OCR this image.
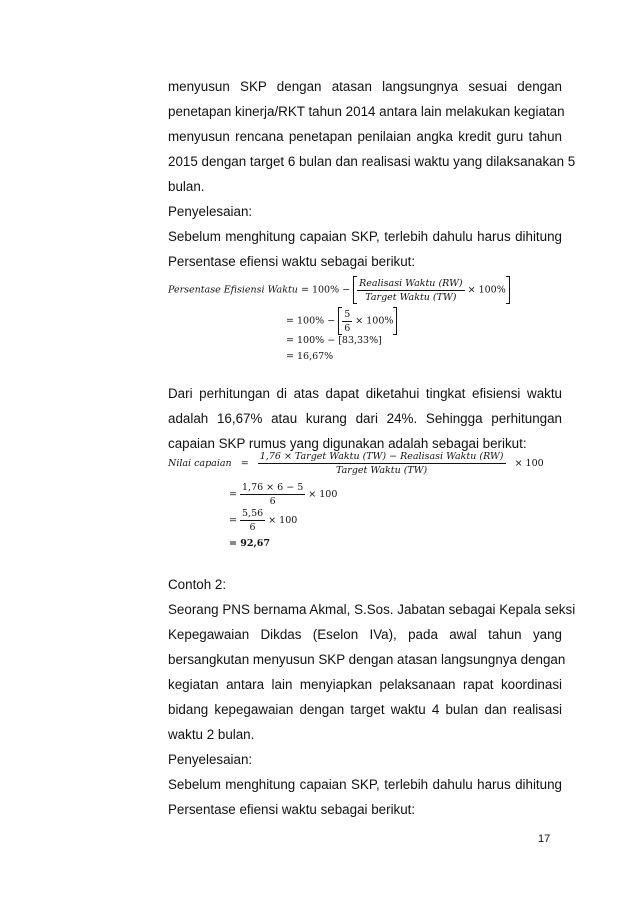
menyusun SKP dengan atasan langsungnya sesuai dengan
penetapan kinerja/RKT tahun 2014 antara lain melakukan kegiatan
menyusun rencana penetapan penilaian angka kredit guru tahun
2015 dengan target 6 bulan dan realisasi waktu yang dilaksanakan 5
bulan.
Penyelesaian:
Sebelum menghitung capaian SKP, terlebih dahulu harus dihitung
Persentase efiensi waktu sebagai berikut:
Persentase Efisiensi Waktu = $100\% - \frac{\text{Realisasi Waktu (RW)}}{\text{Target Waktu (TW)}} \times 100\%$
= $100\% - \frac{5}{6} \times 100\%$
= 100% − [83,33%]
= 16,67%
Dari perhitungan di atas dapat diketahui tingkat efisiensi waktu
adalah 16,67% atau kurang dari 24%. Sehingga perhitungan
capaian SKP rumus yang digunakan adalah sebagai berikut:
Nilai capaian = $\frac{\text{1,76 × Target Waktu (TW) − Realisasi Waktu (RW)}}{\text{Target Waktu (TW)}} \times 100$
= $\frac{1,76 \times 6 - 5}{6} \times 100$
= $\frac{5,56}{6} \times 100$
= 92,67
Contoh 2:
Seorang PNS bernama Akmal, S.Sos. Jabatan sebagai Kepala seksi
Kepegawaian Dikdas (Eselon IVa), pada awal tahun yang
bersangkutan menyusun SKP dengan atasan langsungnya dengan
kegiatan antara lain menyiapkan pelaksanaan rapat koordinasi
bidang kepegawaian dengan target waktu 4 bulan dan realisasi
waktu 2 bulan.
Penyelesaian:
Sebelum menghitung capaian SKP, terlebih dahulu harus dihitung
Persentase efiensi waktu sebagai berikut:
17
